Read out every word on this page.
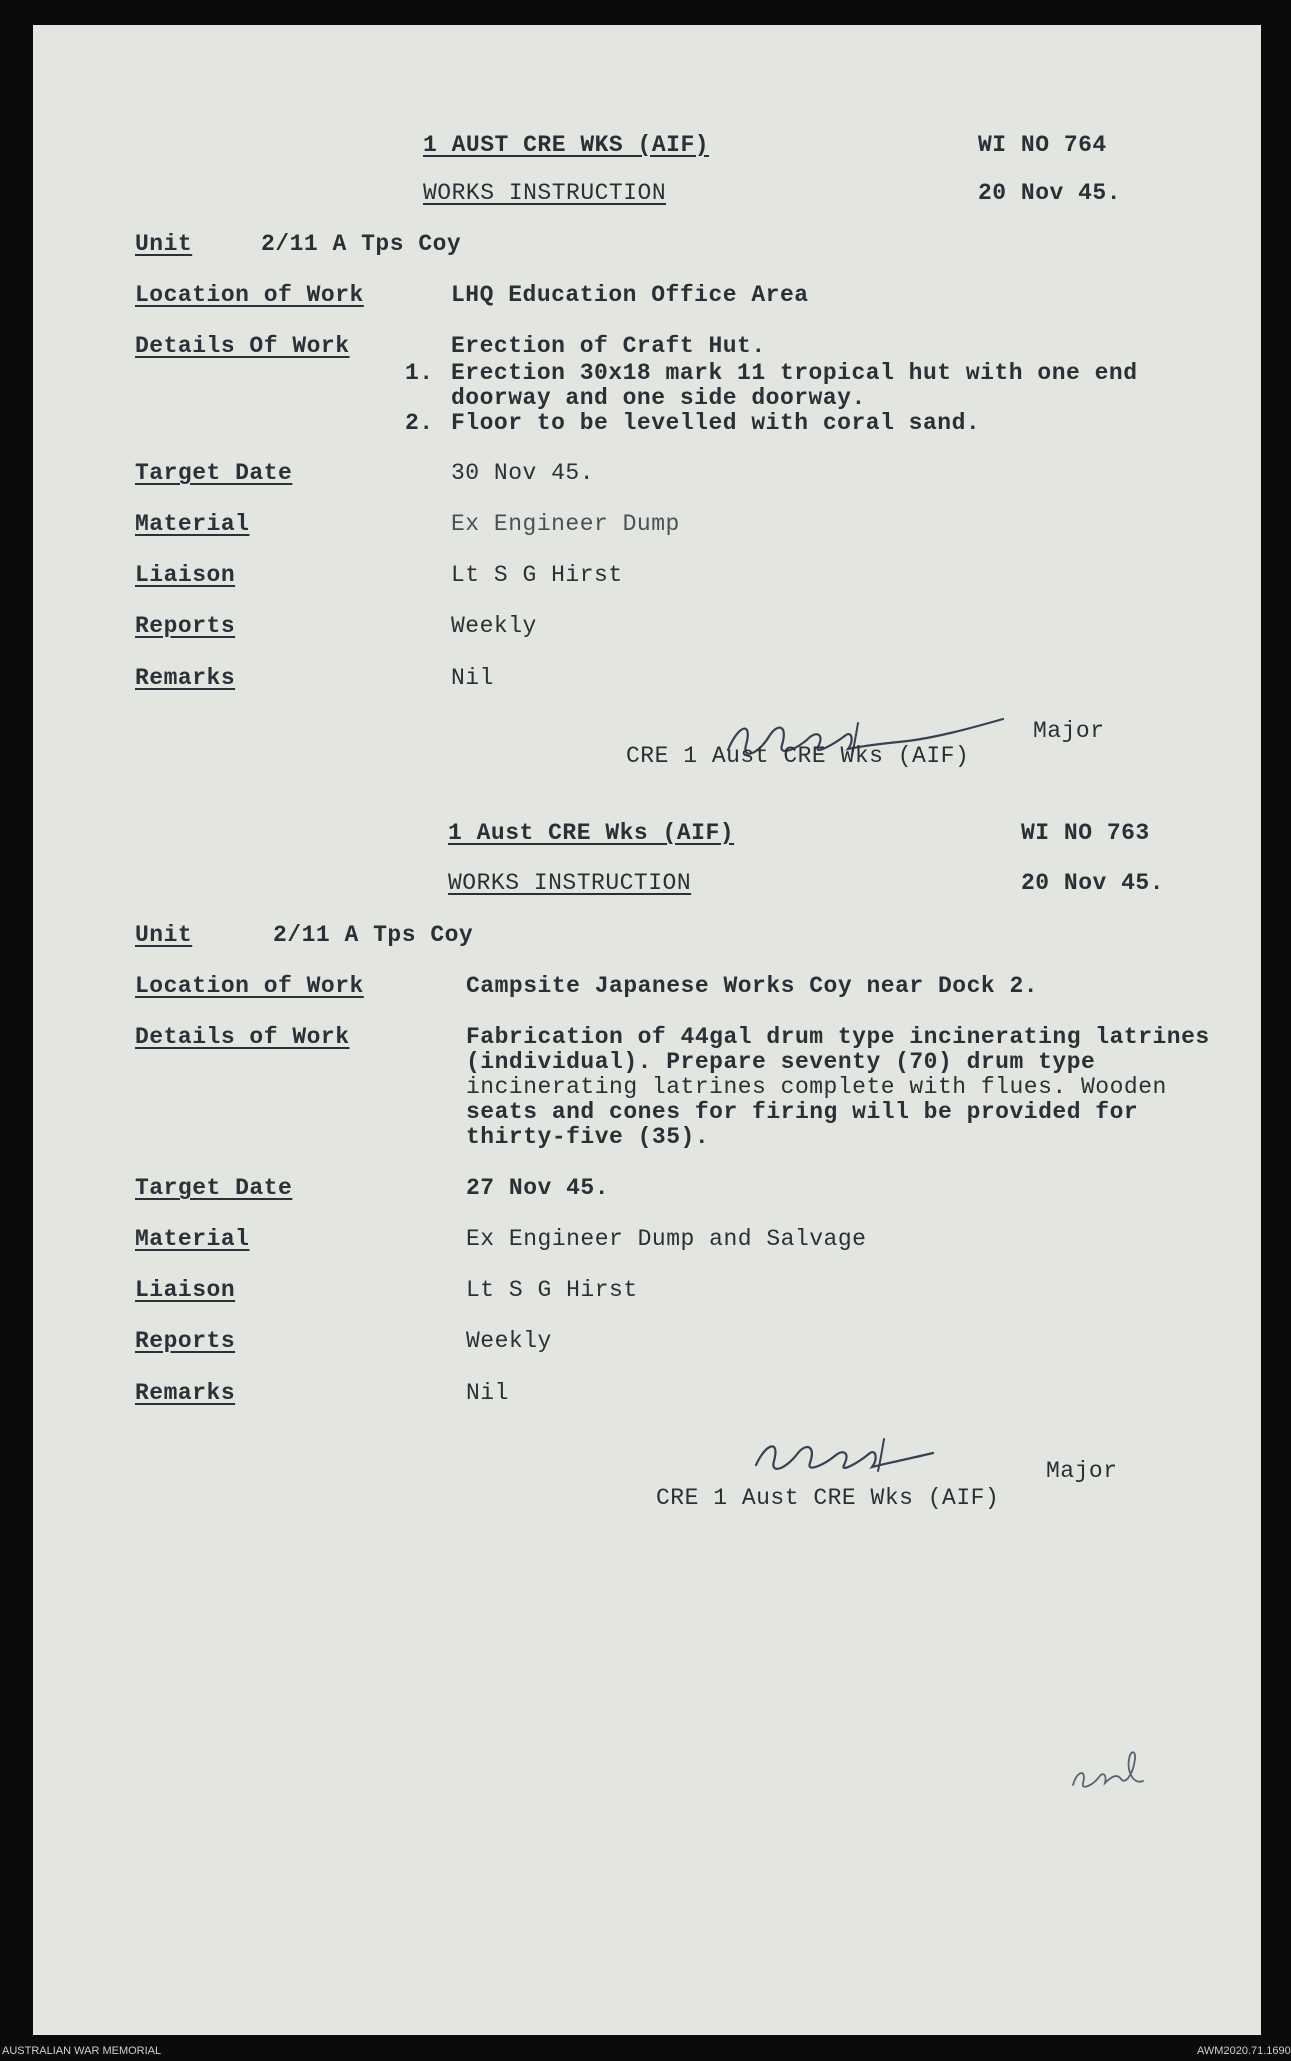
1 AUST CRE WKS (AIF)	WI NO 764
WORKS INSTRUCTION	20 Nov 45.
Unit	2/11 A Tps Coy
Location of Work	LHQ Education Office Area
Details Of Work	Erection of Craft Hut.
1. Erection 30x18 mark 11 tropical hut with one end
doorway and one side doorway.
2. Floor to be levelled with coral sand.
Target Date	30 Nov 45.
Material	Ex Engineer Dump
Liaison	Lt S G Hirst
Reports	Weekly
Remarks	Nil
Major
CRE 1 Aust CRE Wks (AIF)
1 Aust CRE Wks (AIF)	WI NO 763
WORKS INSTRUCTION	20 Nov 45.
Unit	2/11 A Tps Coy
Location of Work	Campsite Japanese Works Coy near Dock 2.
Details of Work	Fabrication of 44gal drum type incinerating latrines
(individual). Prepare seventy (70) drum type
incinerating latrines complete with flues. Wooden
seats and cones for firing will be provided for
thirty-five (35).
Target Date	27 Nov 45.
Material	Ex Engineer Dump and Salvage
Liaison	Lt S G Hirst
Reports	Weekly
Remarks	Nil
Major
CRE 1 Aust CRE Wks (AIF)
AUSTRALIAN WAR MEMORIAL	AWM2020.71.1690
